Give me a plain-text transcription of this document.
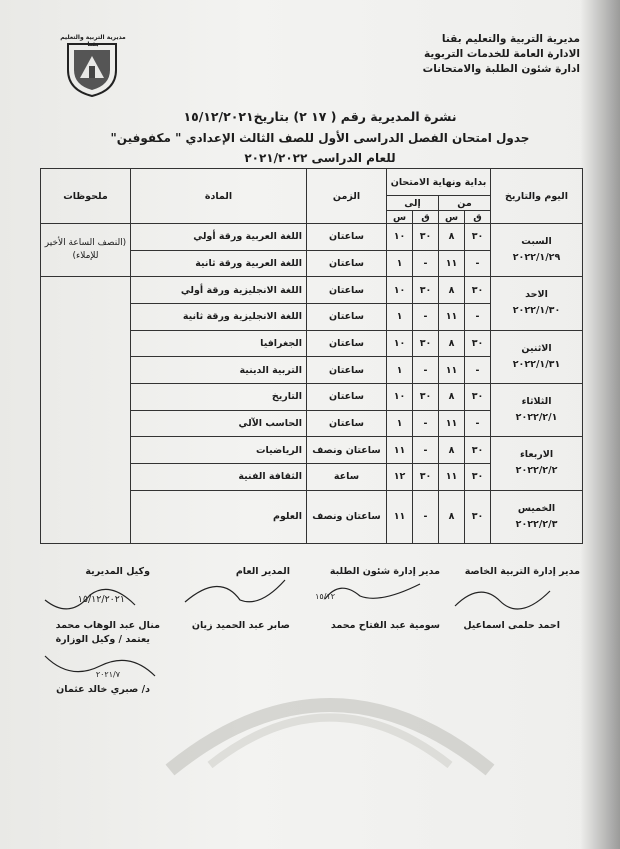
مديرية التربية والتعليم بقنا
الادارة العامة للخدمات التربوية
ادارة شئون الطلبة والامتحانات
مديرية التربية والتعليم بقنا
نشرة المديرية رقم ( ١٧ ٢) بتاريخ١٥/١٢/٢٠٢١
جدول امتحان الفصل الدراسى الأول للصف الثالث الإعدادي " مكفوفين"
للعام الدراسى ٢٠٢١/٢٠٢٢
اليوم والتاريخ	بداية ونهاية الامتحان				الزمن	المادة	ملحوظات	
	من		إلى					
	ق	س	ق	س				

السبت
٢٠٢٢/١/٢٩	٣٠	٨	٣٠	١٠	ساعتان	اللغة العربية ورقة أولي	(النصف الساعة الأخير للإملاء)	
	-	١١	-	١	ساعتان	اللغة العربية ورقة ثانية		

الاحد
٢٠٢٢/١/٣٠	٣٠	٨	٣٠	١٠	ساعتان	اللغة الانجليزية ورقة أولي		
	-	١١	-	١	ساعتان	اللغة الانجليزية ورقة ثانية		

الاثنين
٢٠٢٢/١/٣١	٣٠	٨	٣٠	١٠	ساعتان	الجغرافيا		
	-	١١	-	١	ساعتان	التربية الدينية		

الثلاثاء
٢٠٢٢/٢/١	٣٠	٨	٣٠	١٠	ساعتان	التاريخ		
	-	١١	-	١	ساعتان	الحاسب الآلي		

الاربعاء
٢٠٢٢/٢/٢	٣٠	٨	-	١١	ساعتان ونصف	الرياضيات		
	٣٠	١١	٣٠	١٢	ساعة	الثقافة الفنية		

الخميس
٢٠٢٢/٢/٣	٣٠	٨	-	١١	ساعتان ونصف	العلوم		
مدير إدارة التربية الخاصة
مدير إدارة شئون الطلبة
المدير العام
وكيل المديرية
١٥/١٢/٢٠٢١	١٥/١٢
احمد حلمى اسماعيل
سومية عبد الفتاح محمد
صابر عبد الحميد زيان
منال عبد الوهاب محمد
يعتمد / وكيل الوزارة
٢٠٢١/٧
د/ صبري خالد عثمان
